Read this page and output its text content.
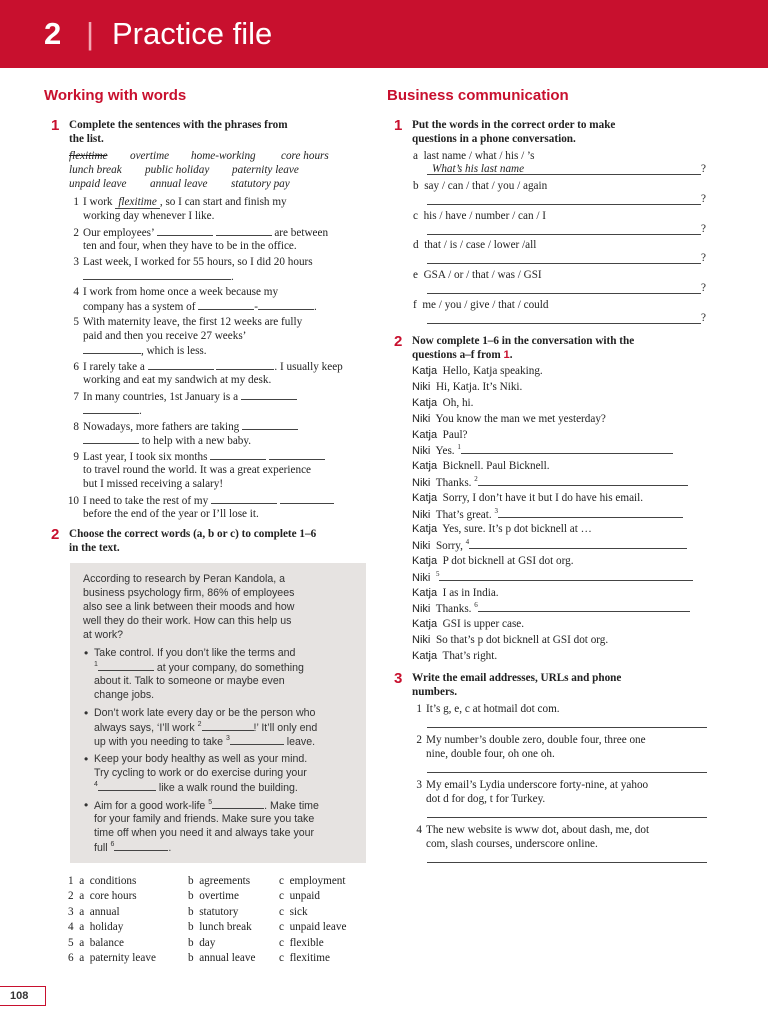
2 | Practice file
Working with words
1 Complete the sentences with the phrases from
the list.
flexitime overtime home-working core hours
lunch break public holiday paternity leave
unpaid leave annual leave statutory pay
1 I work flexitime , so I can start and finish my
working day whenever I like.
2 Our employees’	are between
ten and four, when they have to be in the office.
3 Last week, I worked for 55 hours, so I did 20 hours
.
4 I work from home once a week because my
company has a system of	-	.
5 With maternity leave, the first 12 weeks are fully
paid and then you receive 27 weeks’
, which is less.
6 I rarely take a	. I usually keep
working and eat my sandwich at my desk.
7 In many countries, 1st January is a
.
8 Nowadays, more fathers are taking
to help with a new baby.
9 Last year, I took six months
to travel round the world. It was a great experience
but I missed receiving a salary!
10 I need to take the rest of my
before the end of the year or I’ll lose it.
2 Choose the correct words (a, b or c) to complete 1–6
in the text.
According to research by Peran Kandola, a
business psychology firm, 86% of employees
also see a link between their moods and how
well they do their work. How can this help us
at work?
• Take control. If you don’t like the terms and
$^1$	at your company, do something
about it. Talk to someone or maybe even
change jobs.
• Don’t work late every day or be the person who
always says, ‘I’ll work $^2$	!’ It’ll only end
up with you needing to take $^3$	leave.
• Keep your body healthy as well as your mind.
Try cycling to work or do exercise during your
$^4$	like a walk round the building.
• Aim for a good work-life $^5$	. Make time
for your family and friends. Make sure you take
time off when you need it and always take your
full $^6$	.
1  a  conditions	b  agreements	c  employment
2  a  core hours	b  overtime	c  unpaid
3  a  annual	b  statutory	c  sick
4  a  holiday	b  lunch break c  unpaid leave
5  a  balance	b  day	c  flexible
6  a  paternity leave	b  annual leave c  flexitime
Business communication
1 Put the words in the correct order to make
questions in a phone conversation.
a last name / what / his / ’s
What’s his last name	?
b say / can / that / you / again
?
c his / have / number / can / I
?
d that / is / case / lower /all
?
e GSA / or / that / was / GSI
?
f me / you / give / that / could
?
2 Now complete 1–6 in the conversation with the
questions a–f from 1.
Katja Hello, Katja speaking.
Niki Hi, Katja. It’s Niki.
Katja Oh, hi.
Niki You know the man we met yesterday?
Katja Paul?
Niki Yes. $^1$
Katja Bicknell. Paul Bicknell.
Niki Thanks. $^2$
Katja Sorry, I don’t have it but I do have his email.
Niki That’s great. $^3$
Katja Yes, sure. It’s p dot bicknell at …
Niki Sorry, $^4$
Katja P dot bicknell at GSI dot org.
Niki $^5$
Katja I as in India.
Niki Thanks. $^6$
Katja GSI is upper case.
Niki So that’s p dot bicknell at GSI dot org.
Katja That’s right.
3 Write the email addresses, URLs and phone
numbers.
1 It’s g, e, c at hotmail dot com.
2 My number’s double zero, double four, three one
nine, double four, oh one oh.
3 My email’s Lydia underscore forty-nine, at yahoo
dot d for dog, t for Turkey.
4 The new website is www dot, about dash, me, dot
com, slash courses, underscore online.
108
